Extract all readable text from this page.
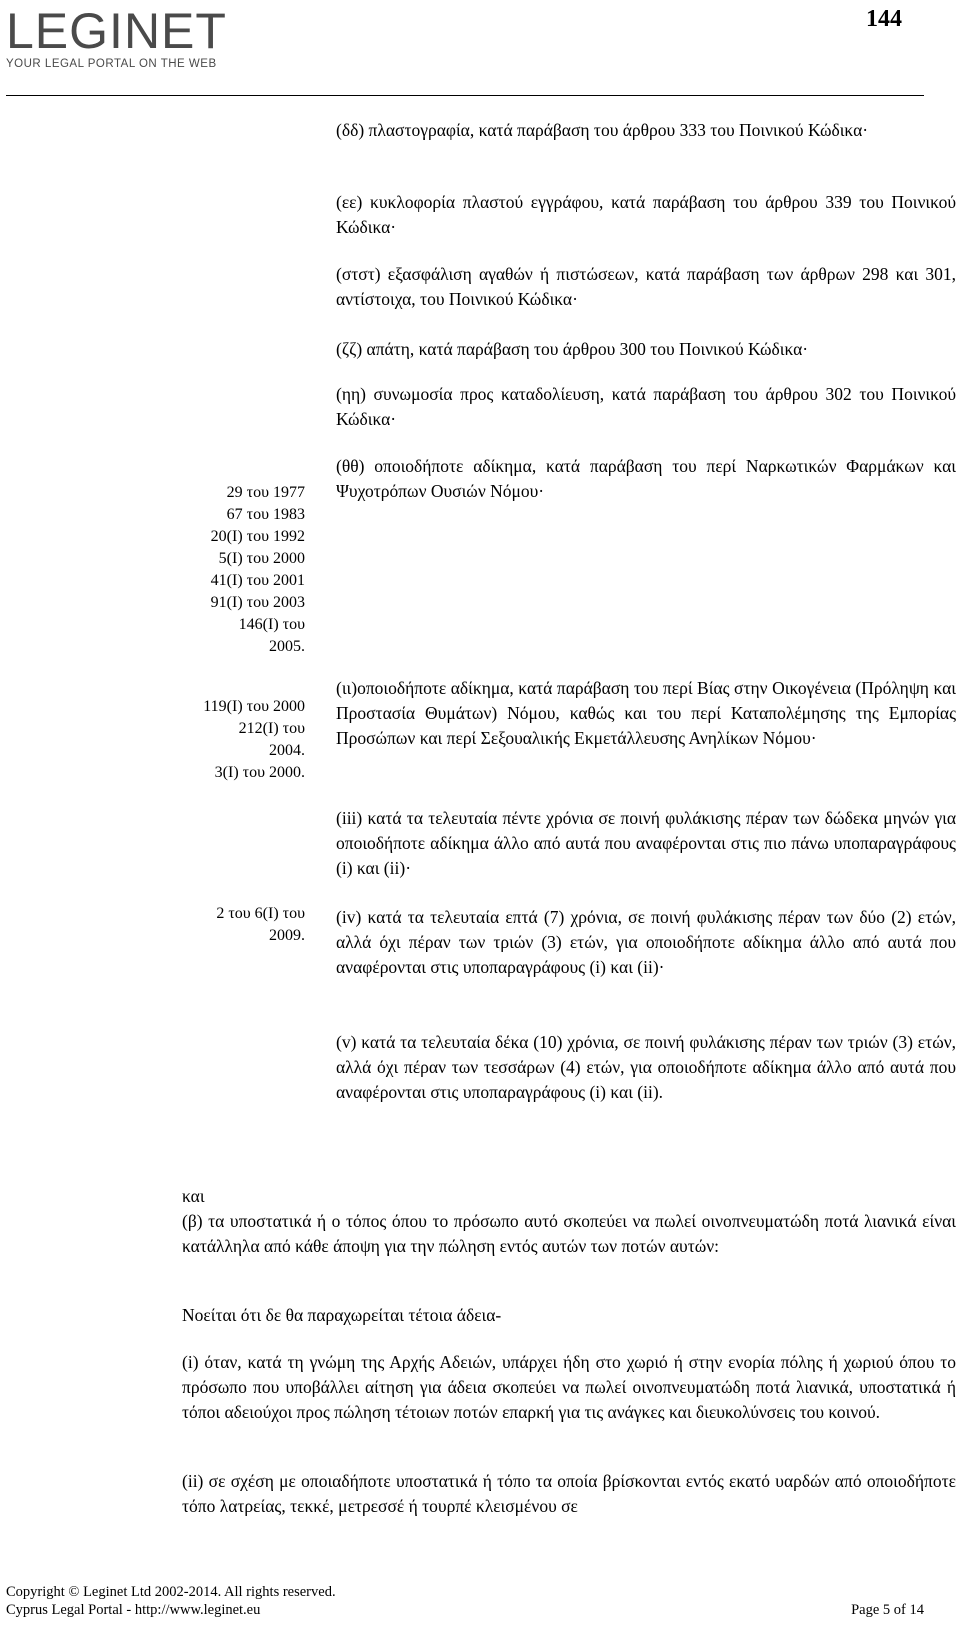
LEGINET
YOUR LEGAL PORTAL ON THE WEB
144
(δδ) πλαστογραφία, κατά παράβαση του άρθρου 333 του Ποινικού Κώδικα·
(εε) κυκλοφορία πλαστού εγγράφου, κατά παράβαση του άρθρου 339 του Ποινικού Κώδικα·
(στστ) εξασφάλιση αγαθών ή πιστώσεων, κατά παράβαση των άρθρων 298 και 301, αντίστοιχα, του Ποινικού Κώδικα·
(ζζ) απάτη, κατά παράβαση του άρθρου 300 του Ποινικού Κώδικα·
(ηη) συνωμοσία προς καταδολίευση, κατά παράβαση του άρθρου 302 του Ποινικού Κώδικα·
(θθ) οποιοδήποτε αδίκημα, κατά παράβαση του περί Ναρκωτικών Φαρμάκων και Ψυχοτρόπων Ουσιών Νόμου·
(ιι)οποιοδήποτε αδίκημα, κατά παράβαση του περί Βίας στην Οικογένεια (Πρόληψη και Προστασία Θυμάτων) Νόμου, καθώς και του περί Καταπολέμησης της Εμπορίας Προσώπων και περί Σεξουαλικής Εκμετάλλευσης Ανηλίκων Νόμου·
(iii) κατά τα τελευταία πέντε χρόνια σε ποινή φυλάκισης πέραν των δώδεκα μηνών για οποιοδήποτε αδίκημα άλλο από αυτά που αναφέρονται στις πιο πάνω υποπαραγράφους (i) και (ii)·
(iv) κατά τα τελευταία επτά (7) χρόνια, σε ποινή φυλάκισης πέραν των δύο (2) ετών, αλλά όχι πέραν των τριών (3) ετών, για οποιοδήποτε αδίκημα άλλο από αυτά που αναφέρονται στις υποπαραγράφους (i) και (ii)·
(v) κατά τα τελευταία δέκα (10) χρόνια, σε ποινή φυλάκισης πέραν των τριών (3) ετών, αλλά όχι πέραν των τεσσάρων (4) ετών, για οποιοδήποτε αδίκημα άλλο από αυτά που αναφέρονται στις υποπαραγράφους (i) και (ii).
29 του 1977
67 του 1983
20(Ι) του 1992
5(Ι) του 2000
41(Ι) του 2001
91(Ι) του 2003
146(Ι) του
2005.
119(Ι) του 2000
212(Ι) του
2004.
3(Ι) του 2000.
2 του 6(Ι) του
2009.
και
(β) τα υποστατικά ή ο τόπος όπου το πρόσωπο αυτό σκοπεύει να πωλεί οινοπνευματώδη ποτά λιανικά είναι κατάλληλα από κάθε άποψη για την πώληση εντός αυτών των ποτών αυτών:
Νοείται ότι δε θα παραχωρείται τέτοια άδεια-
(i) όταν, κατά τη γνώμη της Αρχής Αδειών, υπάρχει ήδη στο χωριό ή στην ενορία πόλης ή χωριού όπου το πρόσωπο που υποβάλλει αίτηση για άδεια σκοπεύει να πωλεί οινοπνευματώδη ποτά λιανικά, υποστατικά ή τόποι αδειούχοι προς πώληση τέτοιων ποτών επαρκή για τις ανάγκες και διευκολύνσεις του κοινού.
(ii) σε σχέση με οποιαδήποτε υποστατικά ή τόπο τα οποία βρίσκονται εντός εκατό υαρδών από οποιοδήποτε τόπο λατρείας, τεκκέ, μετρεσσέ ή τουρπέ κλεισμένου σε
Copyright © Leginet Ltd 2002-2014. All rights reserved.
Cyprus Legal Portal - http://www.leginet.eu	Page 5 of 14
